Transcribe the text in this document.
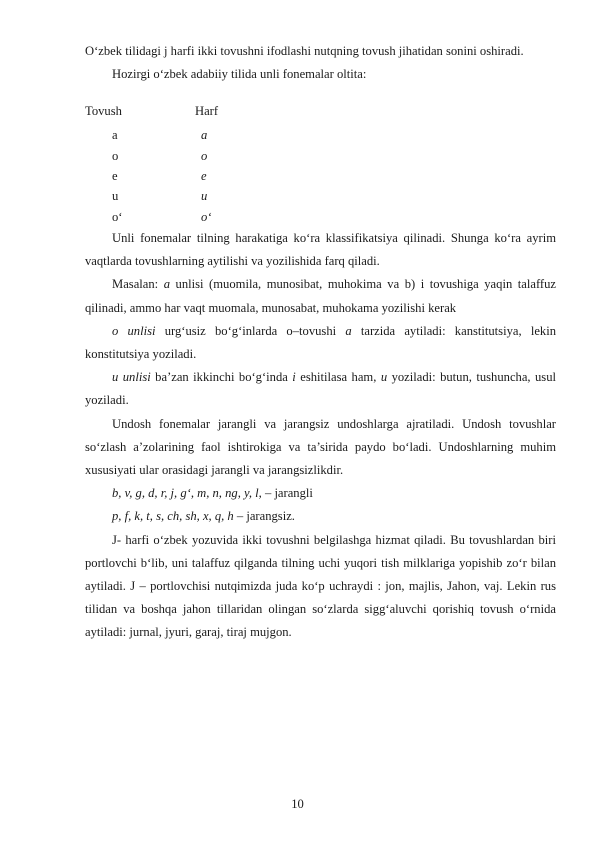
O‘zbek tilidagi j harfi ikki tovushni ifodlashi nutqning tovush jihatidan sonini oshiradi.

Hozirgi o‘zbek adabiiy tilida unli fonemalar oltita:

Tovush	Harf
a	a
o	o
e	e
u	u
o‘	o‘

Unli fonemalar tilning harakatiga ko‘ra klassifikatsiya qilinadi. Shunga ko‘ra ayrim vaqtlarda tovushlarning aytilishi va yozilishida farq qiladi.

Masalan: a unlisi (muomila, munosibat, muhokima va b) i tovushiga yaqin talaffuz qilinadi, ammo har vaqt muomala, munosabat, muhokama yozilishi kerak

o unlisi urg‘usiz bo‘g‘inlarda o–tovushi a tarzida aytiladi: kanstitutsiya, lekin konstitutsiya yoziladi.

u unlisi ba’zan ikkinchi bo‘g‘inda i eshitilasa ham, u yoziladi: butun, tushuncha, usul yoziladi.

Undosh fonemalar jarangli va jarangsiz undoshlarga ajratiladi. Undosh tovushlar so‘zlash a’zolarining faol ishtirokiga va ta’sirida paydo bo‘ladi. Undoshlarning muhim xususiyati ular orasidagi jarangli va jarangsizlikdir.

b, v, g, d, r, j, g‘, m, n, ng, y, l, – jarangli

p, f, k, t, s, ch, sh, x, q, h – jarangsiz.

J- harfi o‘zbek yozuvida ikki tovushni belgilashga hizmat qiladi. Bu tovushlardan biri portlovchi b‘lib, uni talaffuz qilganda tilning uchi yuqori tish milklariga yopishib zo‘r bilan aytiladi. J – portlovchisi nutqimizda juda ko‘p uchraydi : jon, majlis, Jahon, vaj. Lekin rus tilidan va boshqa jahon tillaridan olingan so‘zlarda sigg‘aluvchi qorishiq tovush o‘rnida aytiladi: jurnal, jyuri, garaj, tiraj mujgon.

10
